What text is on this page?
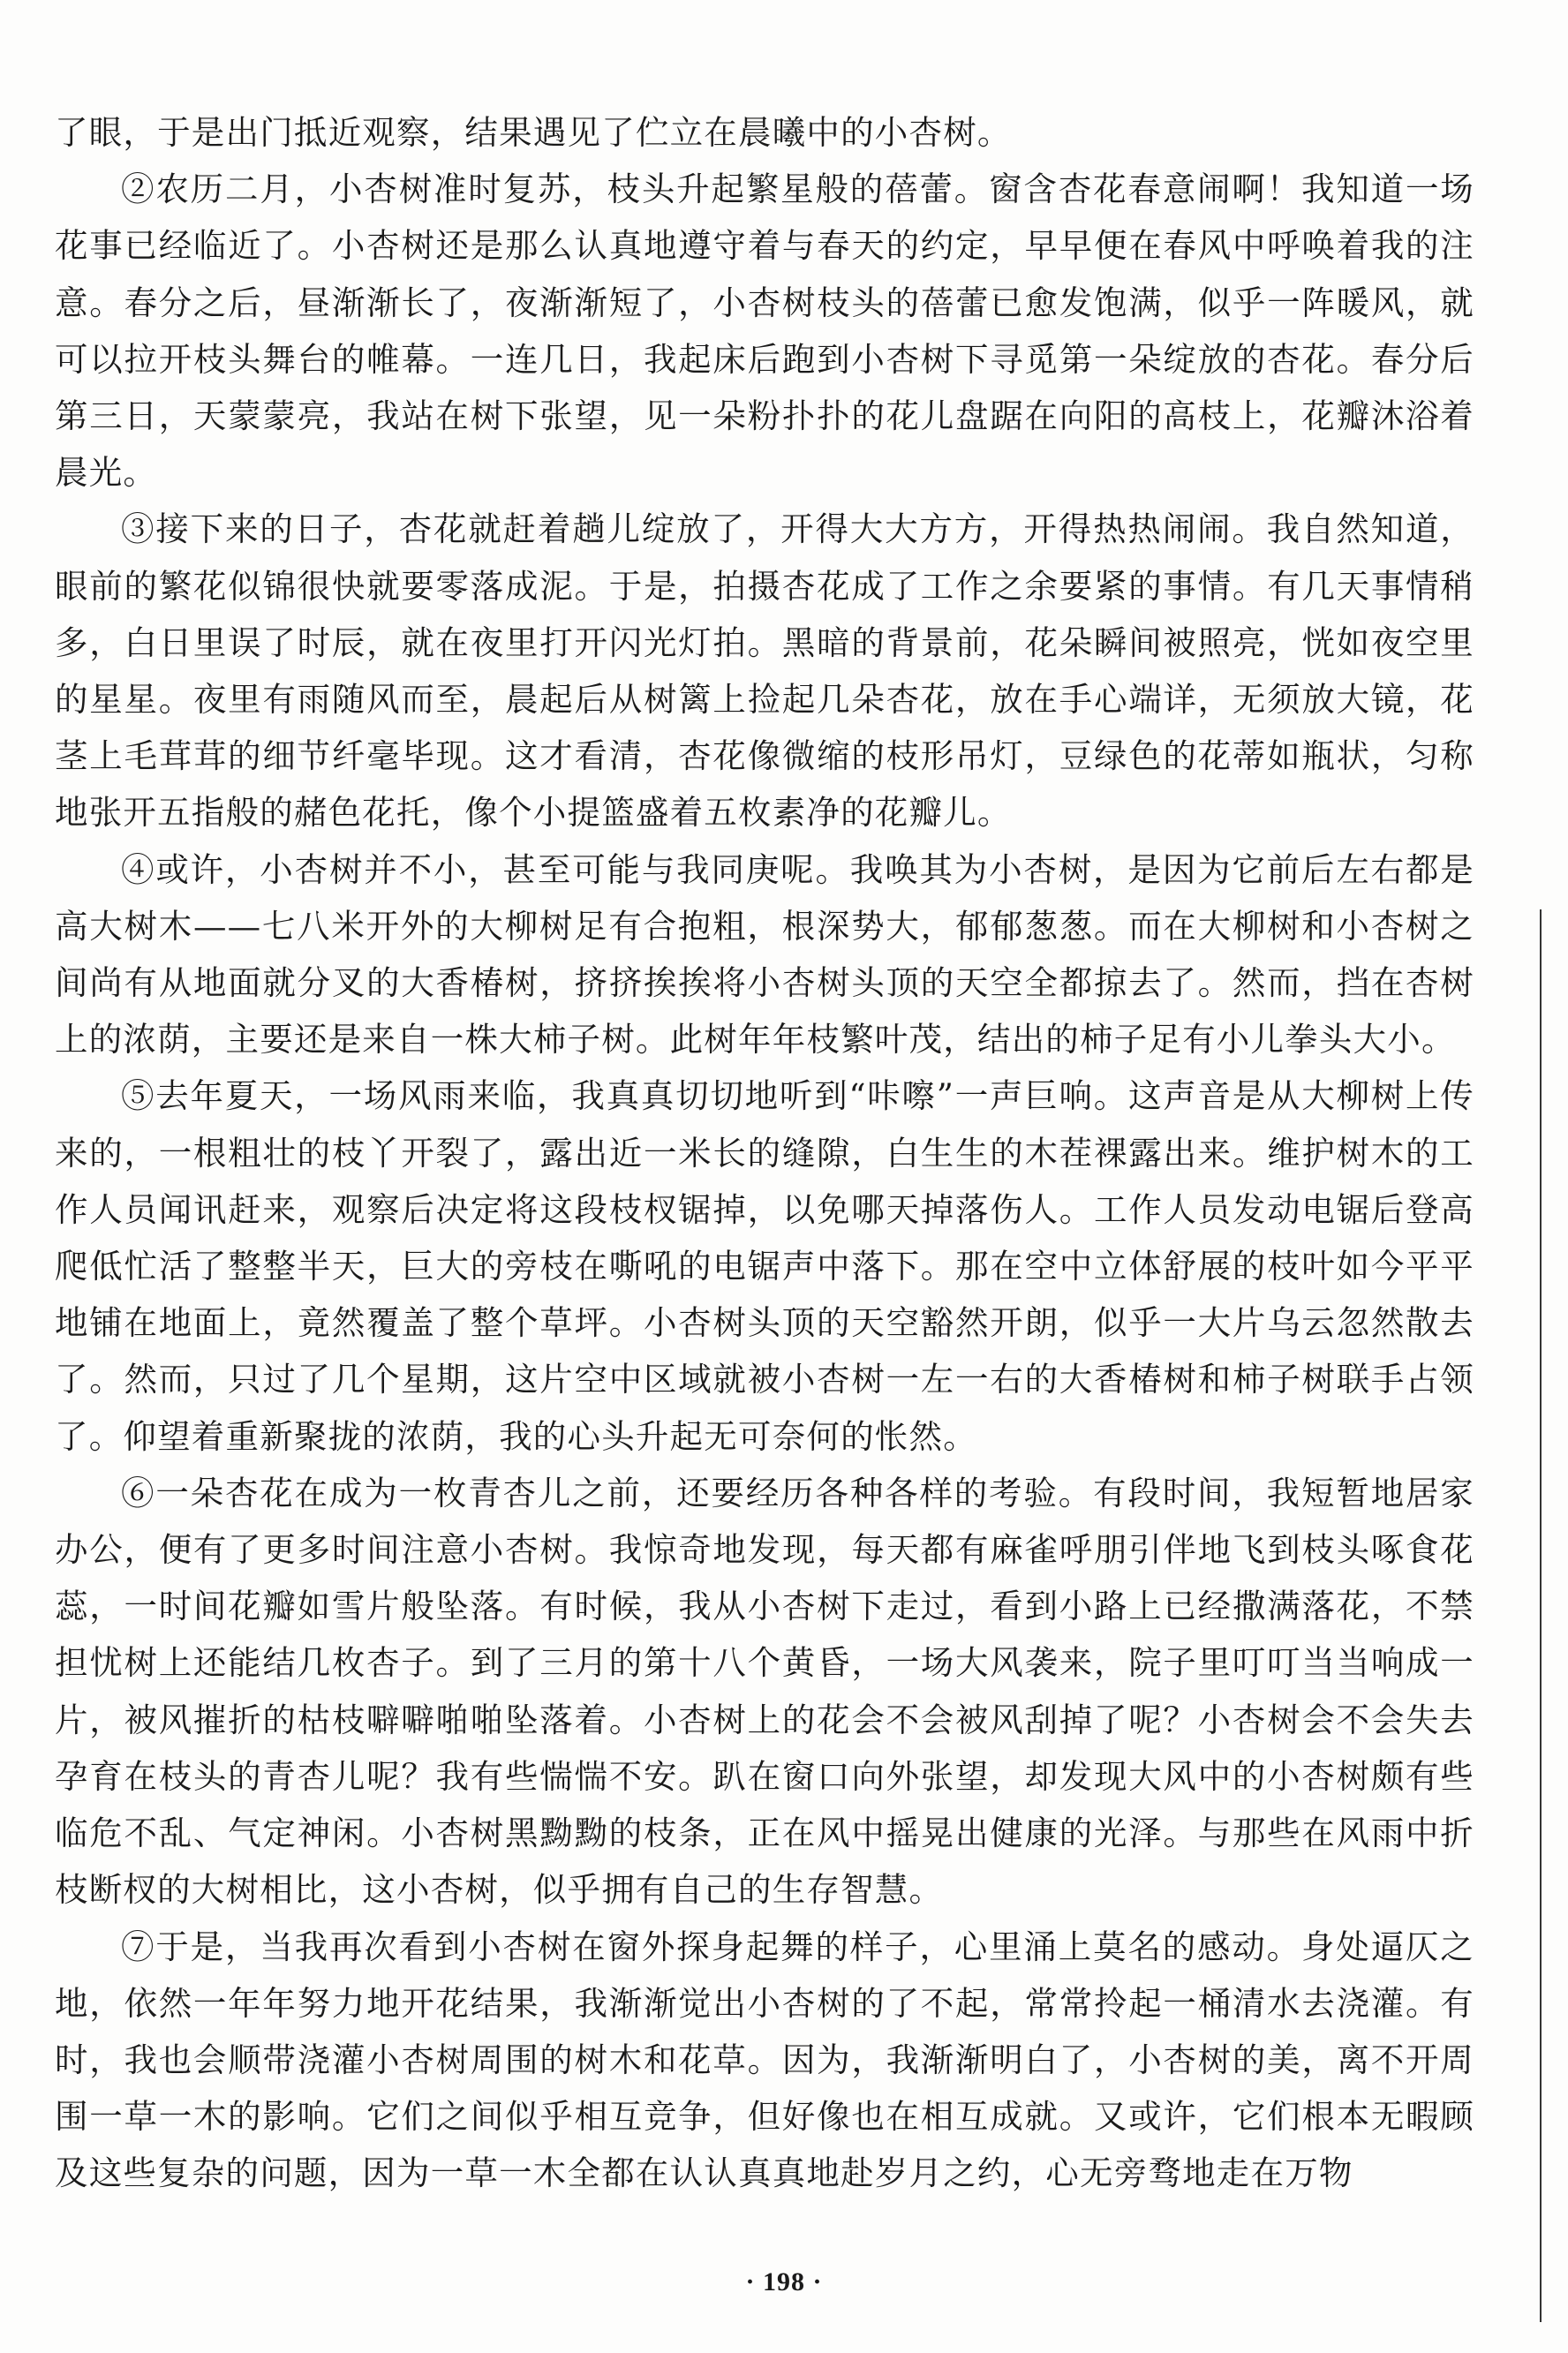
了眼，于是出门抵近观察，结果遇见了伫立在晨曦中的小杏树。

②农历二月，小杏树准时复苏，枝头升起繁星般的蓓蕾。窗含杏花春意闹啊！我知道一场花事已经临近了。小杏树还是那么认真地遵守着与春天的约定，早早便在春风中呼唤着我的注意。春分之后，昼渐渐长了，夜渐渐短了，小杏树枝头的蓓蕾已愈发饱满，似乎一阵暖风，就可以拉开枝头舞台的帷幕。一连几日，我起床后跑到小杏树下寻觅第一朵绽放的杏花。春分后第三日，天蒙蒙亮，我站在树下张望，见一朵粉扑扑的花儿盘踞在向阳的高枝上，花瓣沐浴着晨光。

③接下来的日子，杏花就赶着趟儿绽放了，开得大大方方，开得热热闹闹。我自然知道，眼前的繁花似锦很快就要零落成泥。于是，拍摄杏花成了工作之余要紧的事情。有几天事情稍多，白日里误了时辰，就在夜里打开闪光灯拍。黑暗的背景前，花朵瞬间被照亮，恍如夜空里的星星。夜里有雨随风而至，晨起后从树篱上捡起几朵杏花，放在手心端详，无须放大镜，花茎上毛茸茸的细节纤毫毕现。这才看清，杏花像微缩的枝形吊灯，豆绿色的花蒂如瓶状，匀称地张开五指般的赭色花托，像个小提篮盛着五枚素净的花瓣儿。

④或许，小杏树并不小，甚至可能与我同庚呢。我唤其为小杏树，是因为它前后左右都是高大树木——七八米开外的大柳树足有合抱粗，根深势大，郁郁葱葱。而在大柳树和小杏树之间尚有从地面就分叉的大香椿树，挤挤挨挨将小杏树头顶的天空全都掠去了。然而，挡在杏树上的浓荫，主要还是来自一株大柿子树。此树年年枝繁叶茂，结出的柿子足有小儿拳头大小。

⑤去年夏天，一场风雨来临，我真真切切地听到“咔嚓”一声巨响。这声音是从大柳树上传来的，一根粗壮的枝丫开裂了，露出近一米长的缝隙，白生生的木茬裸露出来。维护树木的工作人员闻讯赶来，观察后决定将这段枝杈锯掉，以免哪天掉落伤人。工作人员发动电锯后登高爬低忙活了整整半天，巨大的旁枝在嘶吼的电锯声中落下。那在空中立体舒展的枝叶如今平平地铺在地面上，竟然覆盖了整个草坪。小杏树头顶的天空豁然开朗，似乎一大片乌云忽然散去了。然而，只过了几个星期，这片空中区域就被小杏树一左一右的大香椿树和柿子树联手占领了。仰望着重新聚拢的浓荫，我的心头升起无可奈何的怅然。

⑥一朵杏花在成为一枚青杏儿之前，还要经历各种各样的考验。有段时间，我短暂地居家办公，便有了更多时间注意小杏树。我惊奇地发现，每天都有麻雀呼朋引伴地飞到枝头啄食花蕊，一时间花瓣如雪片般坠落。有时候，我从小杏树下走过，看到小路上已经撒满落花，不禁担忧树上还能结几枚杏子。到了三月的第十八个黄昏，一场大风袭来，院子里叮叮当当响成一片，被风摧折的枯枝噼噼啪啪坠落着。小杏树上的花会不会被风刮掉了呢？小杏树会不会失去孕育在枝头的青杏儿呢？我有些惴惴不安。趴在窗口向外张望，却发现大风中的小杏树颇有些临危不乱、气定神闲。小杏树黑黝黝的枝条，正在风中摇晃出健康的光泽。与那些在风雨中折枝断杈的大树相比，这小杏树，似乎拥有自己的生存智慧。

⑦于是，当我再次看到小杏树在窗外探身起舞的样子，心里涌上莫名的感动。身处逼仄之地，依然一年年努力地开花结果，我渐渐觉出小杏树的了不起，常常拎起一桶清水去浇灌。有时，我也会顺带浇灌小杏树周围的树木和花草。因为，我渐渐明白了，小杏树的美，离不开周围一草一木的影响。它们之间似乎相互竞争，但好像也在相互成就。又或许，它们根本无暇顾及这些复杂的问题，因为一草一木全都在认认真真地赴岁月之约，心无旁骛地走在万物

· 198 ·
